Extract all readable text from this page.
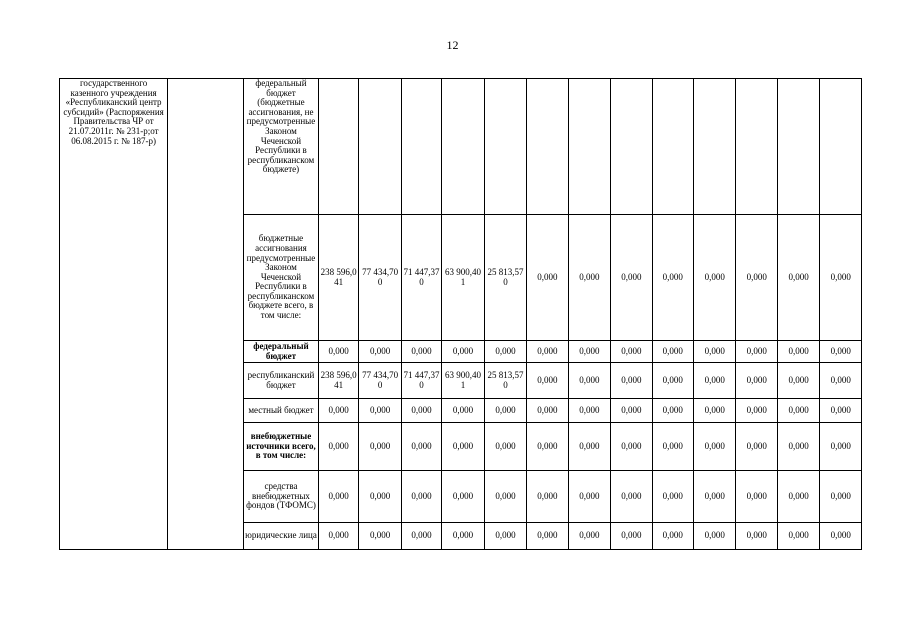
12
государственного казенного учреждения «Республиканский центр субсидий» (Распоряжения Правительства ЧР от 21.07.2011г. № 231-р;от 06.08.2015 г. № 187-р)		федеральный бюджет (бюджетные ассигнования, не предусмотренные Законом Чеченской Республики в республиканском бюджете)													
		бюджетные ассигнования предусмотренные Законом Чеченской Республики в республиканском бюджете всего, в том числе:	238 596,041	77 434,700	71 447,370	63 900,401	25 813,570	0,000	0,000	0,000	0,000	0,000	0,000	0,000	0,000
		федеральный бюджет	0,000	0,000	0,000	0,000	0,000	0,000	0,000	0,000	0,000	0,000	0,000	0,000	0,000
		республиканский бюджет	238 596,041	77 434,700	71 447,370	63 900,401	25 813,570	0,000	0,000	0,000	0,000	0,000	0,000	0,000	0,000
		местный бюджет	0,000	0,000	0,000	0,000	0,000	0,000	0,000	0,000	0,000	0,000	0,000	0,000	0,000
		внебюджетные источники всего, в том числе:	0,000	0,000	0,000	0,000	0,000	0,000	0,000	0,000	0,000	0,000	0,000	0,000	0,000
		средства внебюджетных фондов (ТФОМС)	0,000	0,000	0,000	0,000	0,000	0,000	0,000	0,000	0,000	0,000	0,000	0,000	0,000
		юридические лица	0,000	0,000	0,000	0,000	0,000	0,000	0,000	0,000	0,000	0,000	0,000	0,000	0,000
